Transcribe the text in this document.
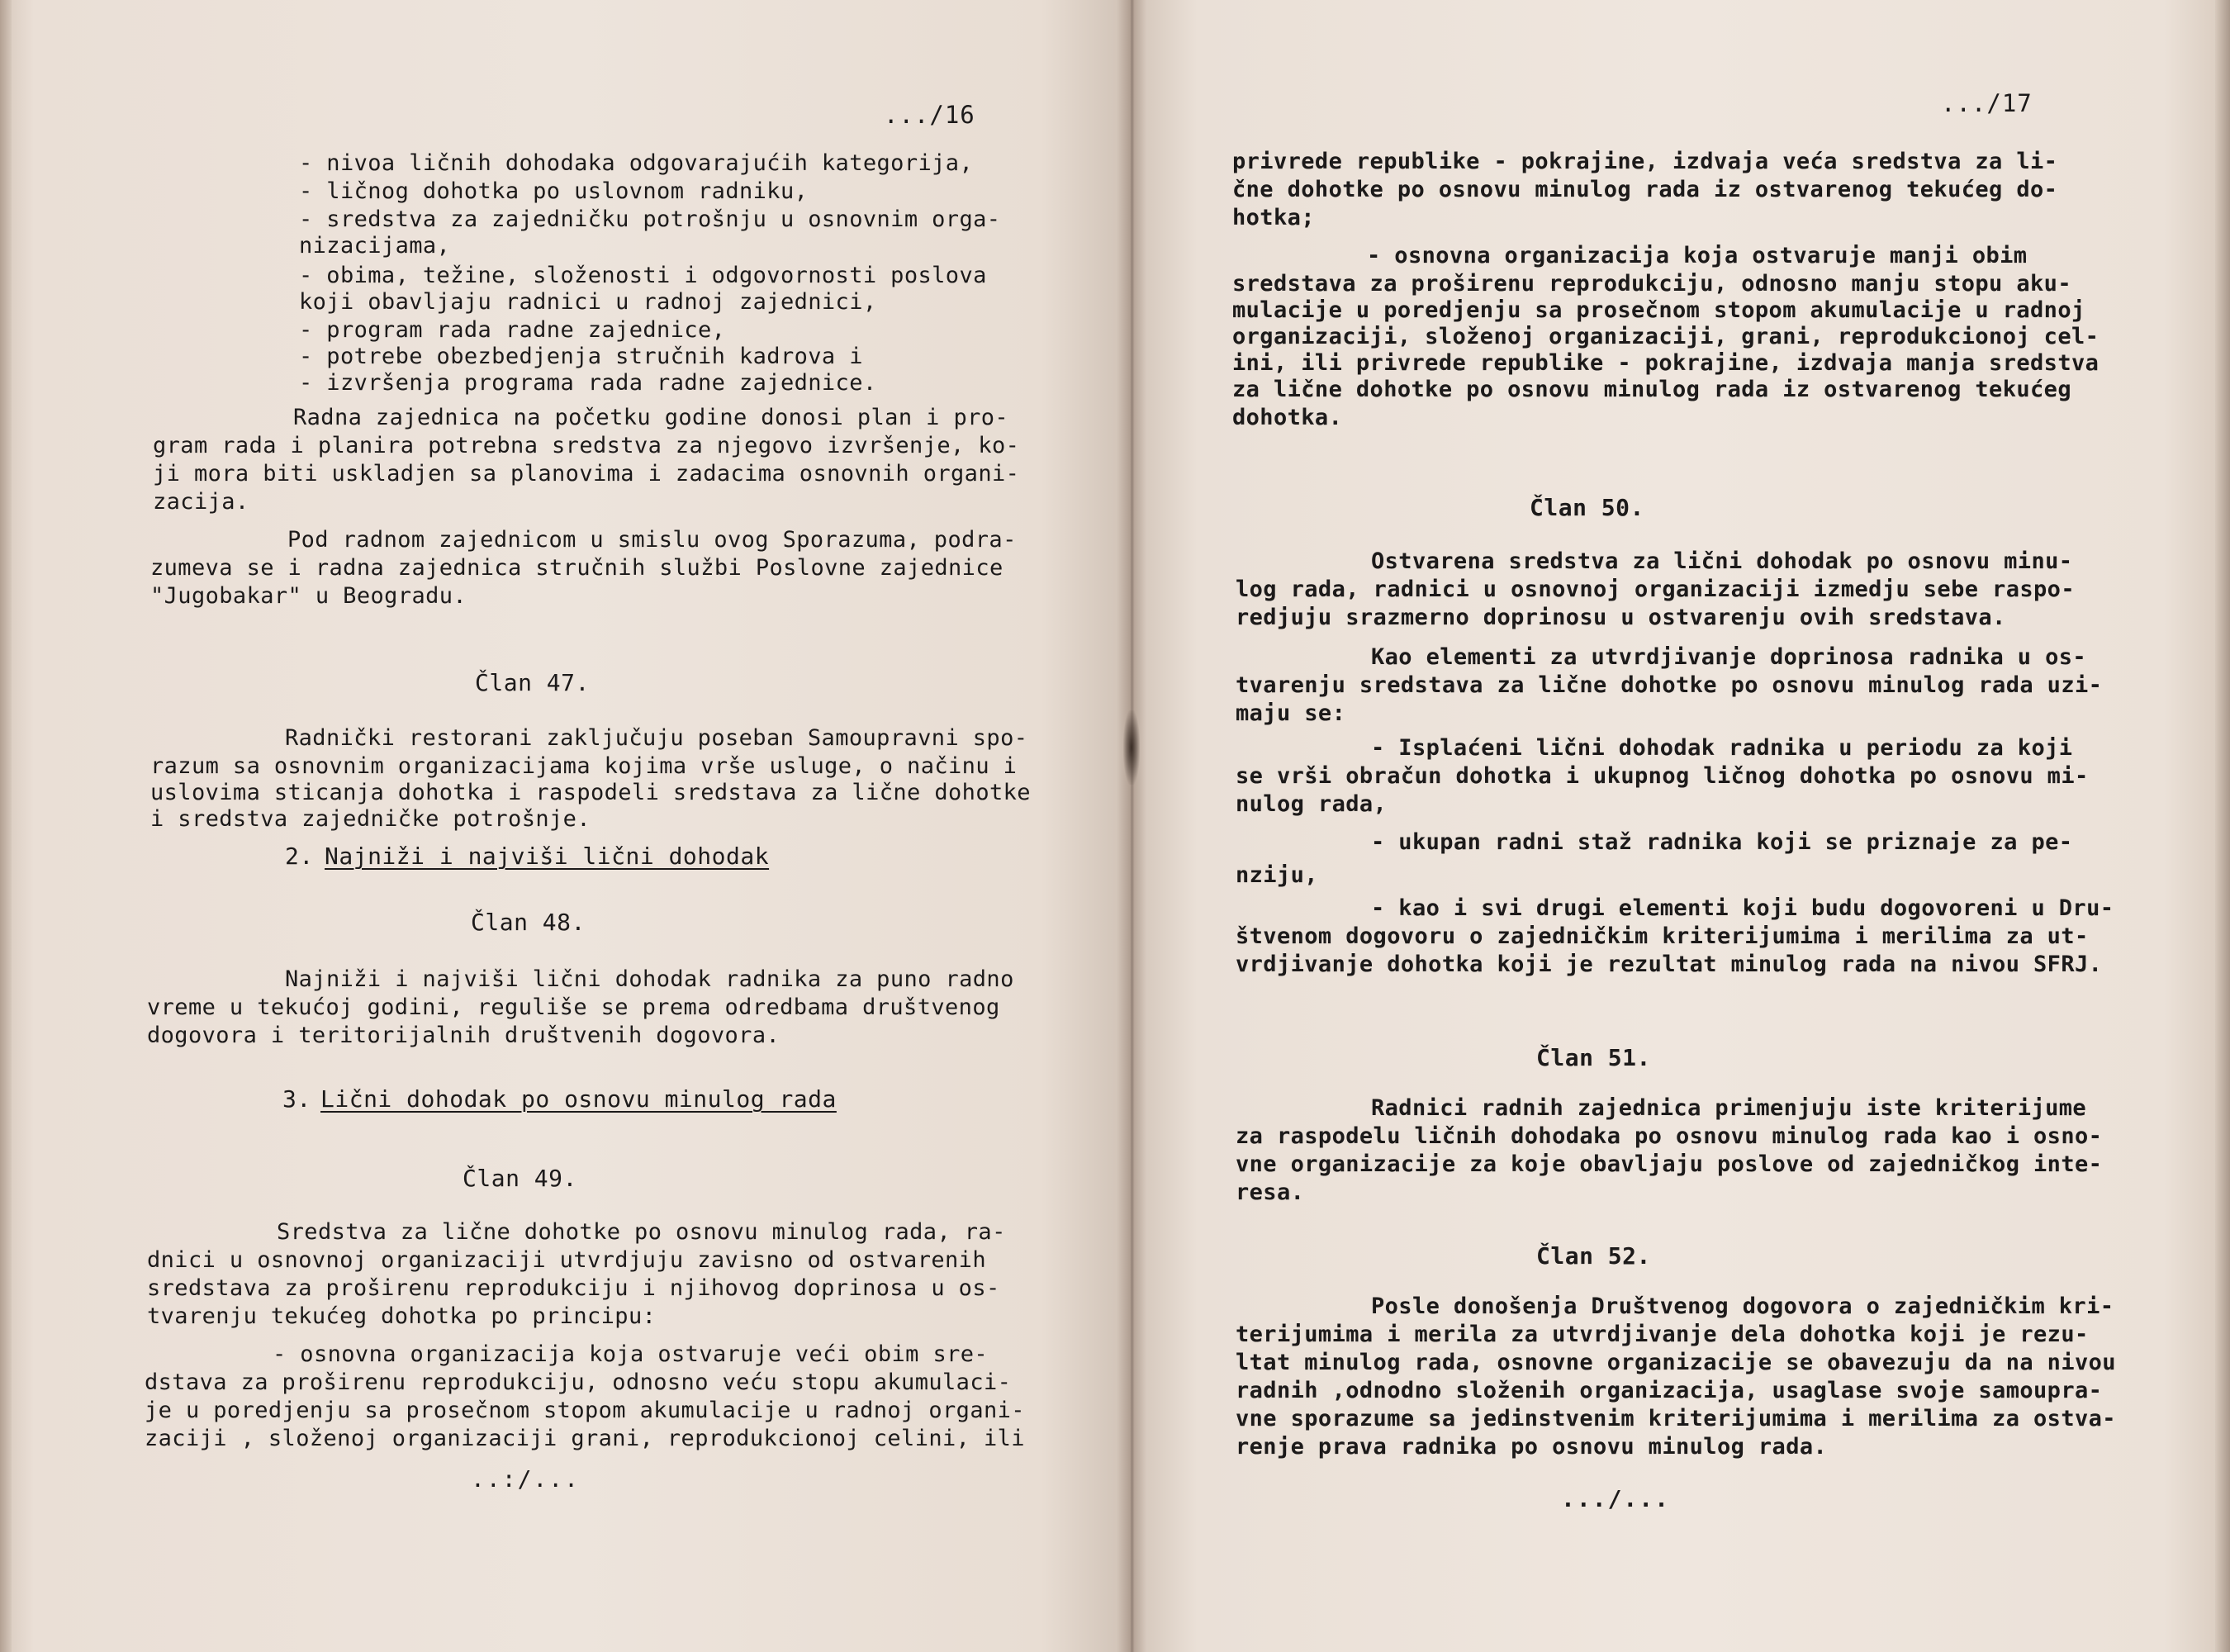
.../16
- nivoa ličnih dohodaka odgovarajućih kategorija,
- ličnog dohotka po uslovnom radniku,
- sredstva za zajedničku potrošnju u osnovnim orga-
nizacijama,
- obima, težine, složenosti i odgovornosti poslova
koji obavljaju radnici u radnoj zajednici,
- program rada radne zajednice,
- potrebe obezbedjenja stručnih kadrova i
- izvršenja programa rada radne zajednice.
Radna zajednica na početku godine donosi plan i pro-
gram rada i planira potrebna sredstva za njegovo izvršenje, ko-
ji mora biti uskladjen sa planovima i zadacima osnovnih organi-
zacija.
Pod radnom zajednicom u smislu ovog Sporazuma, podra-
zumeva se i radna zajednica stručnih službi Poslovne zajednice
"Jugobakar" u Beogradu.
Član 47.
Radnički restorani zaključuju poseban Samoupravni spo-
razum sa osnovnim organizacijama kojima vrše usluge, o načinu i
uslovima sticanja dohotka i raspodeli sredstava za lične dohotke
i sredstva zajedničke potrošnje.
2. Najniži i najviši lični dohodak
Član 48.
Najniži i najviši lični dohodak radnika za puno radno
vreme u tekućoj godini, reguliše se prema odredbama društvenog
dogovora i teritorijalnih društvenih dogovora.
3. Lični dohodak po osnovu minulog rada
Član 49.
Sredstva za lične dohotke po osnovu minulog rada, ra-
dnici u osnovnoj organizaciji utvrdjuju zavisno od ostvarenih
sredstava za proširenu reprodukciju i njihovog doprinosa u os-
tvarenju tekućeg dohotka po principu:
- osnovna organizacija koja ostvaruje veći obim sre-
dstava za proširenu reprodukciju, odnosno veću stopu akumulaci-
je u poredjenju sa prosečnom stopom akumulacije u radnoj organi-
zaciji , složenoj organizaciji grani, reprodukcionoj celini, ili
..:/...
.../17
privrede republike - pokrajine, izdvaja veća sredstva za li-
čne dohotke po osnovu minulog rada iz ostvarenog tekućeg do-
hotka;
- osnovna organizacija koja ostvaruje manji obim
sredstava za proširenu reprodukciju, odnosno manju stopu aku-
mulacije u poredjenju sa prosečnom stopom akumulacije u radnoj
organizaciji, složenoj organizaciji, grani, reprodukcionoj cel-
ini, ili privrede republike - pokrajine, izdvaja manja sredstva
za lične dohotke po osnovu minulog rada iz ostvarenog tekućeg
dohotka.
Član 50.
Ostvarena sredstva za lični dohodak po osnovu minu-
log rada, radnici u osnovnoj organizaciji izmedju sebe raspo-
redjuju srazmerno doprinosu u ostvarenju ovih sredstava.
Kao elementi za utvrdjivanje doprinosa radnika u os-
tvarenju sredstava za lične dohotke po osnovu minulog rada uzi-
maju se:
- Isplaćeni lični dohodak radnika u periodu za koji
se vrši obračun dohotka i ukupnog ličnog dohotka po osnovu mi-
nulog rada,
- ukupan radni staž radnika koji se priznaje za pe-
nziju,
- kao i svi drugi elementi koji budu dogovoreni u Dru-
štvenom dogovoru o zajedničkim kriterijumima i merilima za ut-
vrdjivanje dohotka koji je rezultat minulog rada na nivou SFRJ.
Član 51.
Radnici radnih zajednica primenjuju iste kriterijume
za raspodelu ličnih dohodaka po osnovu minulog rada kao i osno-
vne organizacije za koje obavljaju poslove od zajedničkog inte-
resa.
Član 52.
Posle donošenja Društvenog dogovora o zajedničkim kri-
terijumima i merila za utvrdjivanje dela dohotka koji je rezu-
ltat minulog rada, osnovne organizacije se obavezuju da na nivou
radnih ,odnodno složenih organizacija, usaglase svoje samoupra-
vne sporazume sa jedinstvenim kriterijumima i merilima za ostva-
renje prava radnika po osnovu minulog rada.
.../...
